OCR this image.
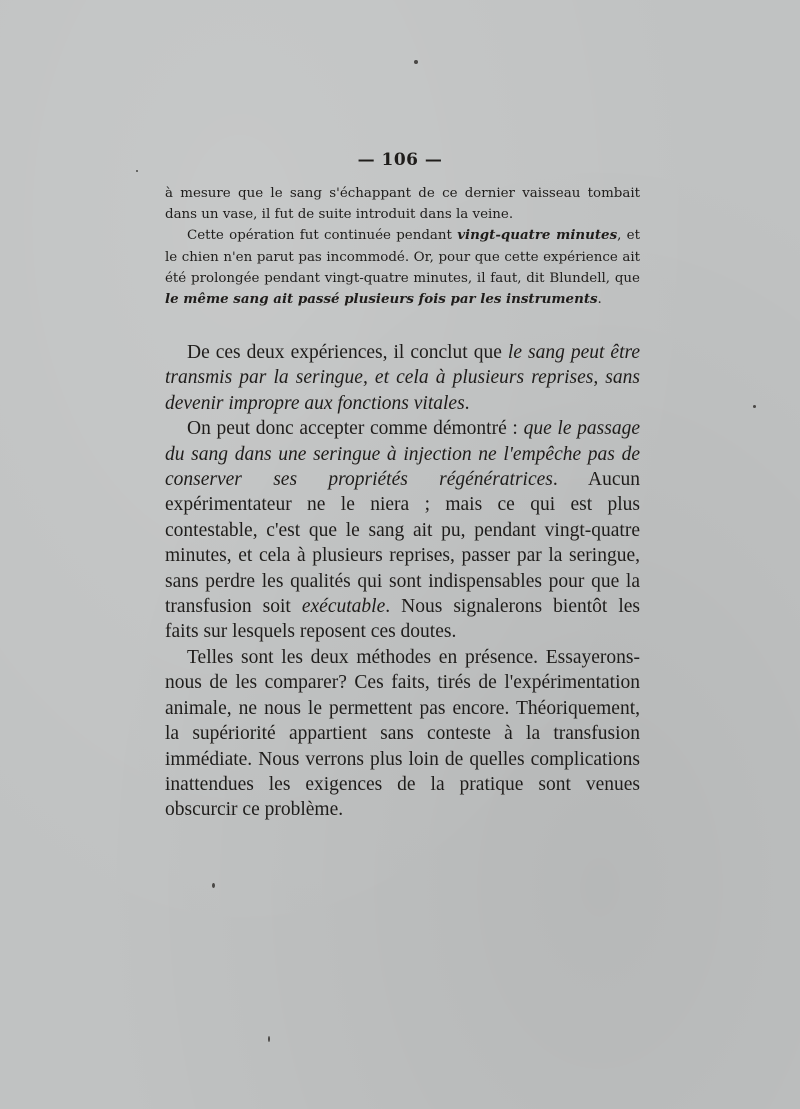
— 106 —

à mesure que le sang s'échappant de ce dernier vaisseau tombait dans un vase, il fut de suite introduit dans la veine.

Cette opération fut continuée pendant vingt-quatre minutes, et le chien n'en parut pas incommodé. Or, pour que cette expérience ait été prolongée pendant vingt-quatre minutes, il faut, dit Blundell, que le même sang ait passé plusieurs fois par les instruments.

De ces deux expériences, il conclut que le sang peut être transmis par la seringue, et cela à plusieurs reprises, sans devenir impropre aux fonctions vitales.

On peut donc accepter comme démontré : que le passage du sang dans une seringue à injection ne l'empêche pas de conserver ses propriétés régénératrices. Aucun expérimentateur ne le niera ; mais ce qui est plus contestable, c'est que le sang ait pu, pendant vingt-quatre minutes, et cela à plusieurs reprises, passer par la seringue, sans perdre les qualités qui sont indispensables pour que la transfusion soit exécutable. Nous signalerons bientôt les faits sur lesquels reposent ces doutes.

Telles sont les deux méthodes en présence. Essayerons-nous de les comparer? Ces faits, tirés de l'expérimentation animale, ne nous le permettent pas encore. Théoriquement, la supériorité appartient sans conteste à la transfusion immédiate. Nous verrons plus loin de quelles complications inattendues les exigences de la pratique sont venues obscurcir ce problème.
